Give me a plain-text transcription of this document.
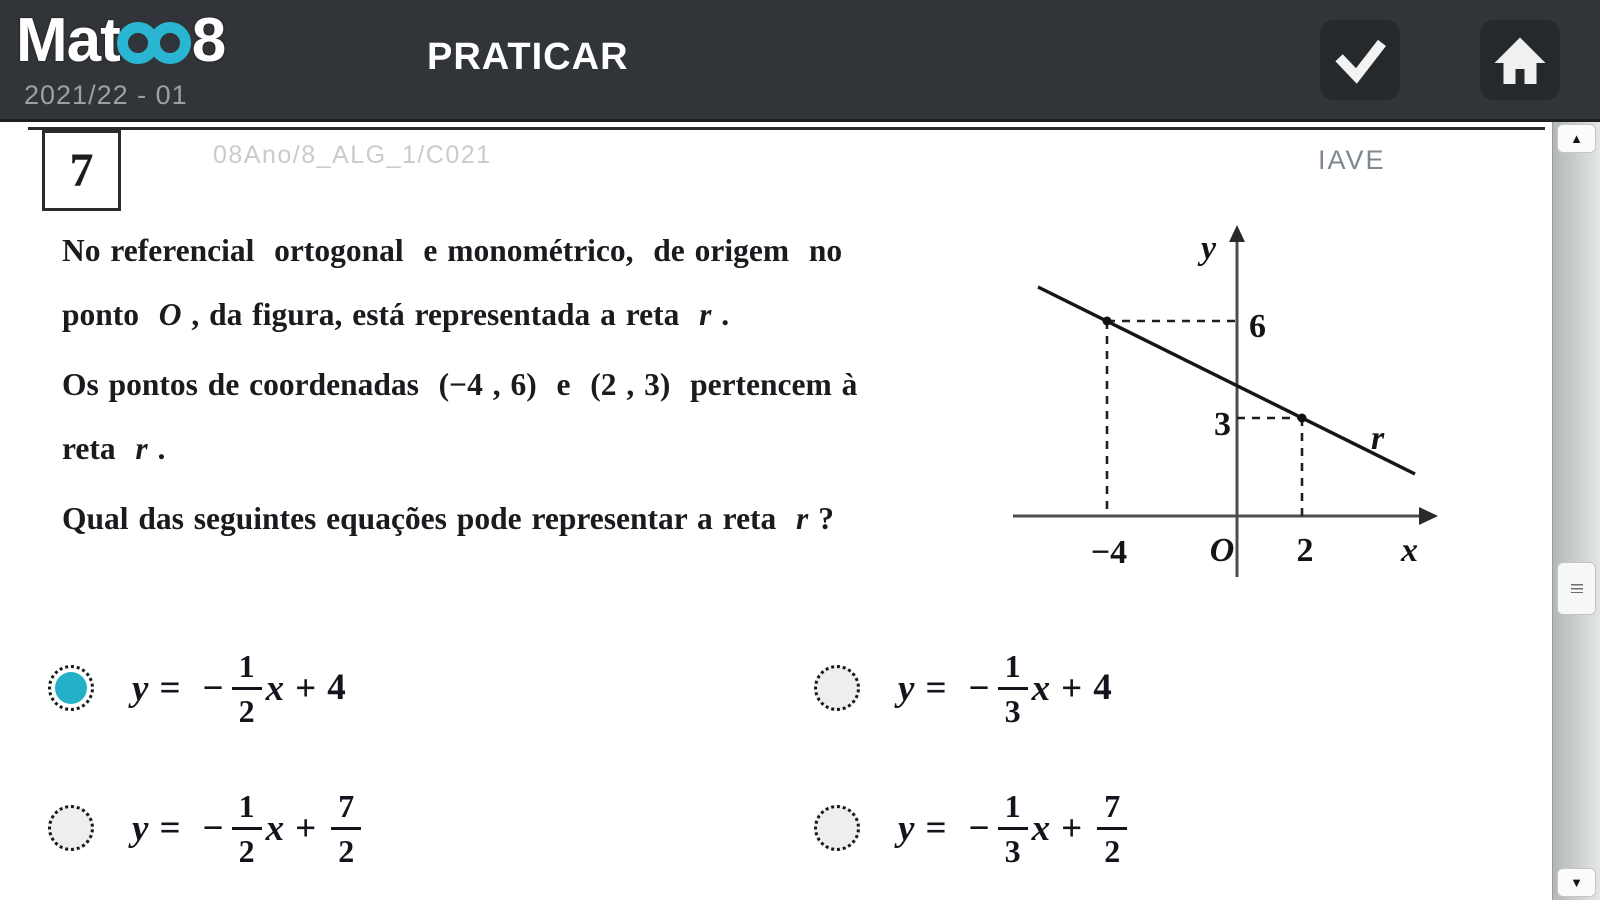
Mat 8
2021/22 - 01
PRATICAR
7	08Ano/8_ALG_1/C021	IAVE
No referencial  ortogonal  e monométrico,  de origem  no
ponto  O , da figura, está representada a reta  r .
Os pontos de coordenadas  (−4 , 6)  e  (2 , 3)  pertencem à
reta  r .
Qual das seguintes equações pode representar a reta  r ?
y
x
O
6
3
−4	2
r
y = − $\frac{1}{2}$ x + 4	y = − $\frac{1}{3}$ x + 4
y = − $\frac{1}{2}$ $x + \frac{7}{2}$	y = − $\frac{1}{3}$ $x + \frac{7}{2}$
▲
▼
